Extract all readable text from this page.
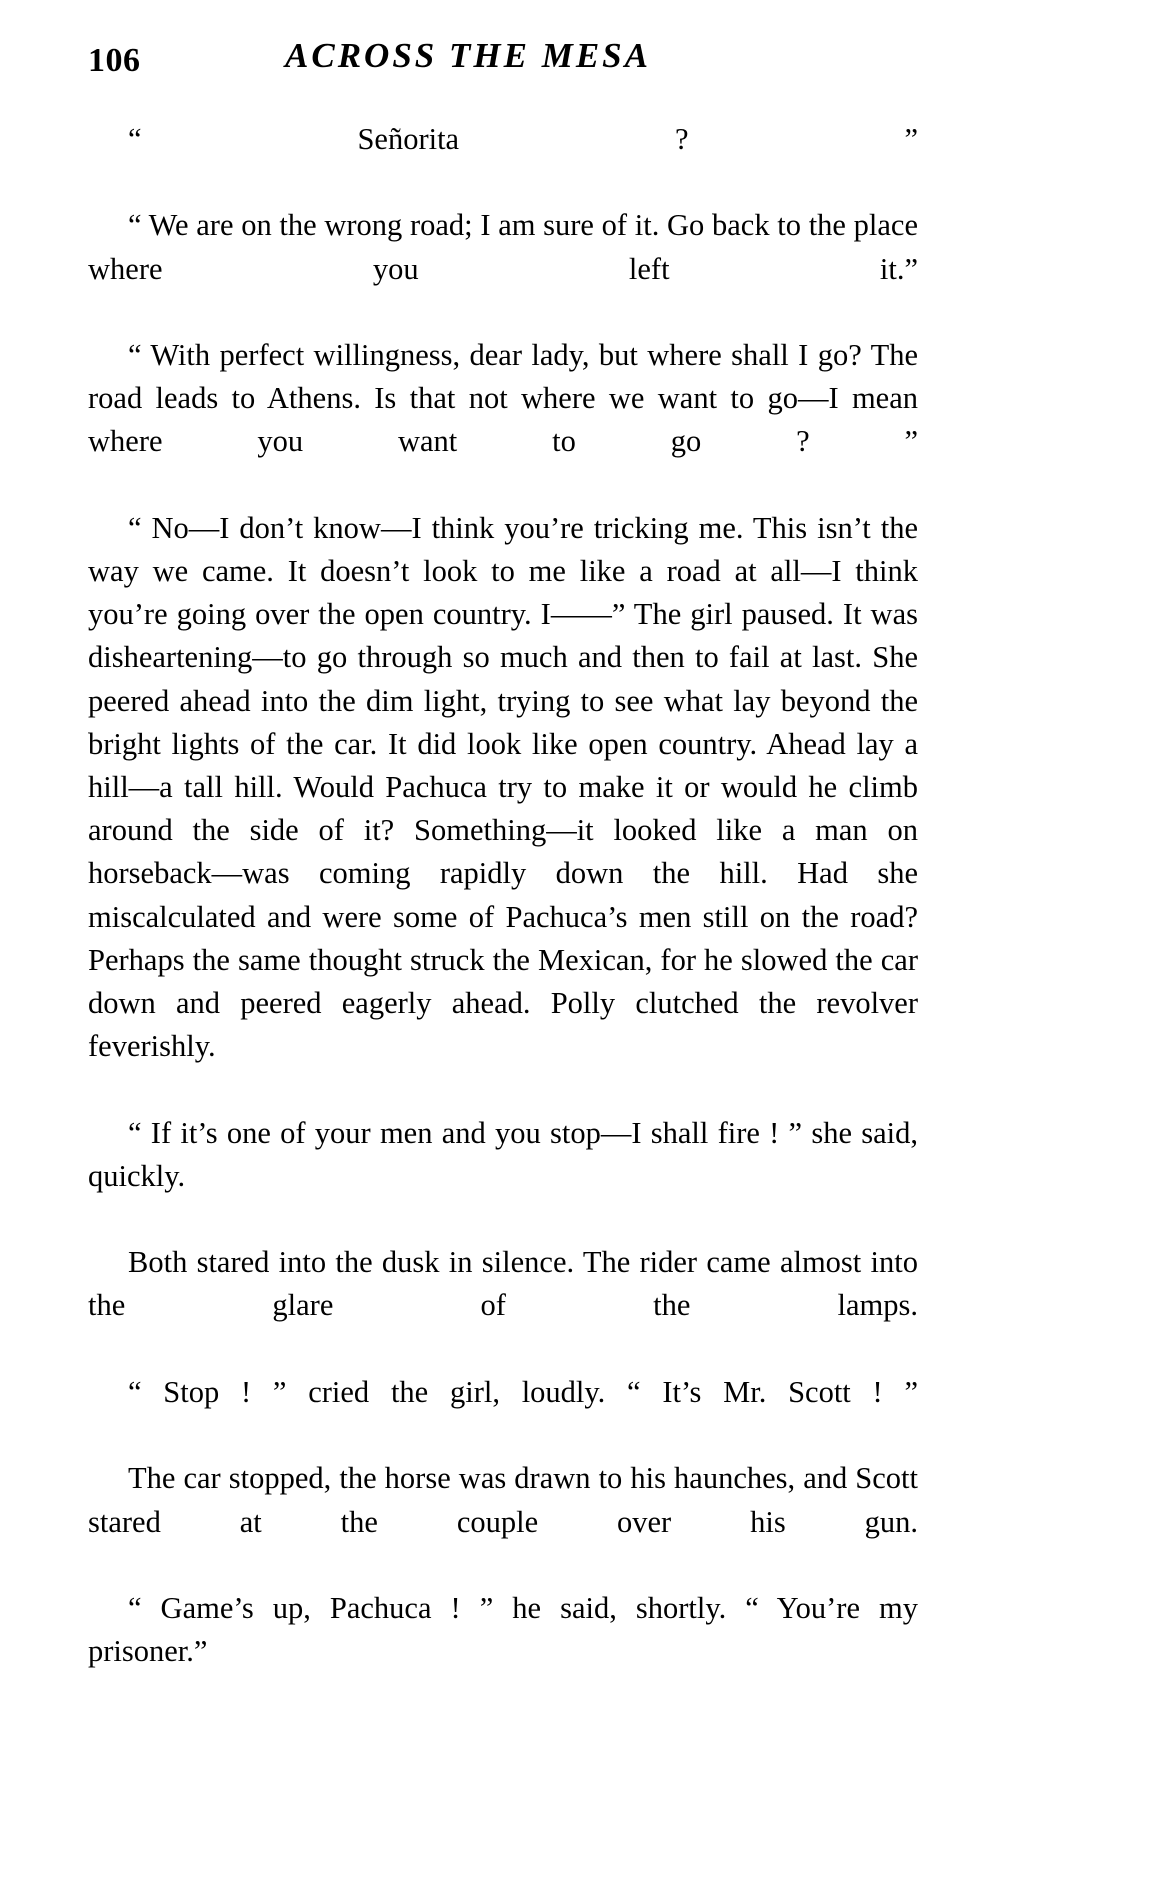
106	ACROSS THE MESA

“ Señorita ? ”

“ We are on the wrong road; I am sure of it. Go back to the place where you left it.”

“ With perfect willingness, dear lady, but where shall I go? The road leads to Athens. Is that not where we want to go—I mean where you want to go ? ”

“ No—I don’t know—I think you’re tricking me. This isn’t the way we came. It doesn’t look to me like a road at all—I think you’re going over the open country. I——” The girl paused. It was disheartening—to go through so much and then to fail at last. She peered ahead into the dim light, trying to see what lay beyond the bright lights of the car. It did look like open country. Ahead lay a hill—a tall hill. Would Pachuca try to make it or would he climb around the side of it? Something—it looked like a man on horseback—was coming rapidly down the hill. Had she miscalculated and were some of Pachuca’s men still on the road? Perhaps the same thought struck the Mexican, for he slowed the car down and peered eagerly ahead. Polly clutched the revolver feverishly.

“ If it’s one of your men and you stop—I shall fire ! ” she said, quickly.

Both stared into the dusk in silence. The rider came almost into the glare of the lamps.

“ Stop ! ” cried the girl, loudly. “ It’s Mr. Scott ! ”

The car stopped, the horse was drawn to his haunches, and Scott stared at the couple over his gun.

“ Game’s up, Pachuca ! ” he said, shortly. “ You’re my prisoner.”
